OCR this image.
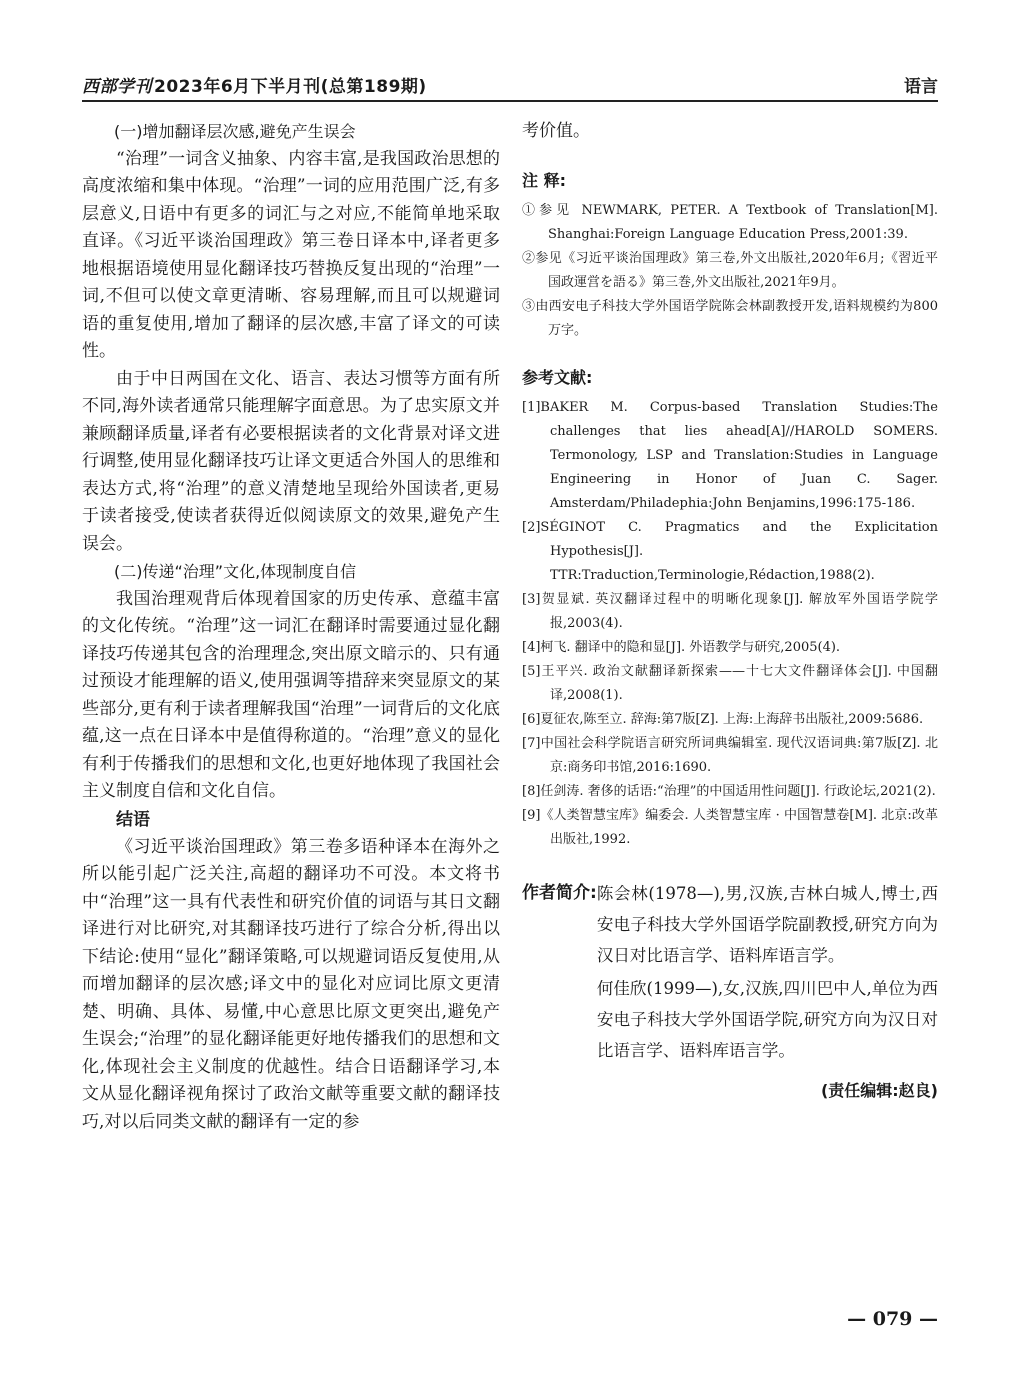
西部学刊 2023年6月下半月刊(总第189期)	语言

(一)增加翻译层次感,避免产生误会

“治理”一词含义抽象、内容丰富,是我国政治思想的高度浓缩和集中体现。“治理”一词的应用范围广泛,有多层意义,日语中有更多的词汇与之对应,不能简单地采取直译。《习近平谈治国理政》第三卷日译本中,译者更多地根据语境使用显化翻译技巧替换反复出现的“治理”一词,不但可以使文章更清晰、容易理解,而且可以规避词语的重复使用,增加了翻译的层次感,丰富了译文的可读性。

由于中日两国在文化、语言、表达习惯等方面有所不同,海外读者通常只能理解字面意思。为了忠实原文并兼顾翻译质量,译者有必要根据读者的文化背景对译文进行调整,使用显化翻译技巧让译文更适合外国人的思维和表达方式,将“治理”的意义清楚地呈现给外国读者,更易于读者接受,使读者获得近似阅读原文的效果,避免产生误会。

(二)传递“治理”文化,体现制度自信

我国治理观背后体现着国家的历史传承、意蕴丰富的文化传统。“治理”这一词汇在翻译时需要通过显化翻译技巧传递其包含的治理理念,突出原文暗示的、只有通过预设才能理解的语义,使用强调等措辞来突显原文的某些部分,更有利于读者理解我国“治理”一词背后的文化底蕴,这一点在日译本中是值得称道的。“治理”意义的显化有利于传播我们的思想和文化,也更好地体现了我国社会主义制度自信和文化自信。

结语

《习近平谈治国理政》第三卷多语种译本在海外之所以能引起广泛关注,高超的翻译功不可没。本文将书中“治理”这一具有代表性和研究价值的词语与其日文翻译进行对比研究,对其翻译技巧进行了综合分析,得出以下结论:使用“显化”翻译策略,可以规避词语反复使用,从而增加翻译的层次感;译文中的显化对应词比原文更清楚、明确、具体、易懂,中心意思比原文更突出,避免产生误会;“治理”的显化翻译能更好地传播我们的思想和文化,体现社会主义制度的优越性。结合日语翻译学习,本文从显化翻译视角探讨了政治文献等重要文献的翻译技巧,对以后同类文献的翻译有一定的参

考价值。

注 释:

①参见 NEWMARK, PETER. A Textbook of Translation[M]. Shanghai:Foreign Language Education Press,2001:39.

②参见《习近平谈治国理政》第三卷,外文出版社,2020年6月;《習近平 国政運営を語る》第三巻,外文出版社,2021年9月。

③由西安电子科技大学外国语学院陈会林副教授开发,语料规模约为800万字。

参考文献:

[1]BAKER M. Corpus-based Translation Studies:The challenges that lies ahead[A]//HAROLD SOMERS. Termonology, LSP and Translation:Studies in Language Engineering in Honor of Juan C. Sager. Amsterdam/Philadephia:John Benjamins,1996:175-186.

[2]SÉGINOT C. Pragmatics and the Explicitation Hypothesis[J]. TTR:Traduction,Terminologie,Rédaction,1988(2).

[3]贺显斌. 英汉翻译过程中的明晰化现象[J]. 解放军外国语学院学报,2003(4).

[4]柯飞. 翻译中的隐和显[J]. 外语教学与研究,2005(4).

[5]王平兴. 政治文献翻译新探索——十七大文件翻译体会[J]. 中国翻译,2008(1).

[6]夏征农,陈至立. 辞海:第7版[Z]. 上海:上海辞书出版社,2009:5686.

[7]中国社会科学院语言研究所词典编辑室. 现代汉语词典:第7版[Z]. 北京:商务印书馆,2016:1690.

[8]任剑涛. 奢侈的话语:“治理”的中国适用性问题[J]. 行政论坛,2021(2).

[9]《人类智慧宝库》编委会. 人类智慧宝库 · 中国智慧卷[M]. 北京:改革出版社,1992.

作者简介: 陈会林(1978—),男,汉族,吉林白城人,博士,西安电子科技大学外国语学院副教授,研究方向为汉日对比语言学、语料库语言学。

何佳欣(1999—),女,汉族,四川巴中人,单位为西安电子科技大学外国语学院,研究方向为汉日对比语言学、语料库语言学。

(责任编辑:赵良)
— 079 —
